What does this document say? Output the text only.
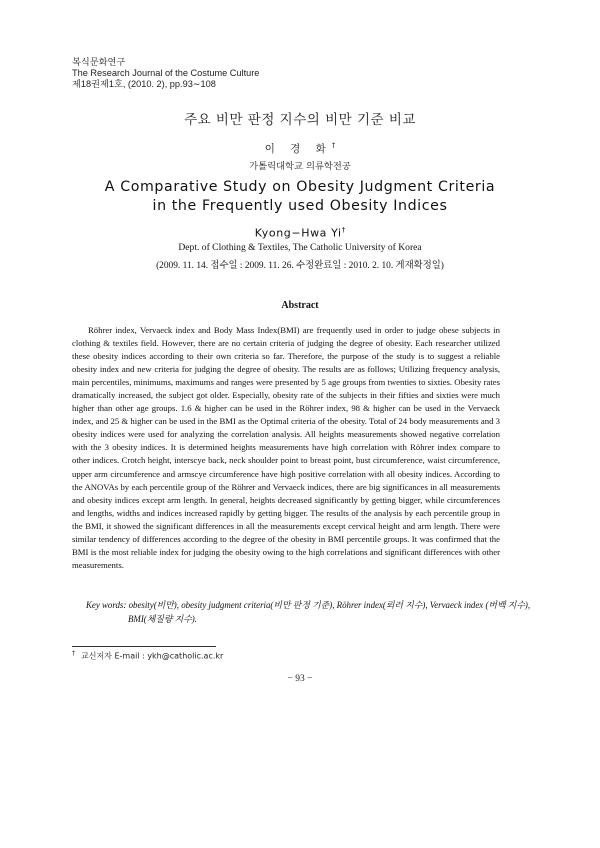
복식문화연구
The Research Journal of the Costume Culture
제18권제1호, (2010. 2), pp.93∼108
주요 비만 판정 지수의 비만 기준 비교
이 경 화†
가톨릭대학교 의류학전공
A Comparative Study on Obesity Judgment Criteria
in the Frequently used Obesity Indices
Kyong−Hwa Yi†
Dept. of Clothing & Textiles, The Catholic University of Korea
(2009. 11. 14. 접수일 : 2009. 11. 26. 수정완료일 : 2010. 2. 10. 게재확정일)
Abstract

Röhrer index, Vervaeck index and Body Mass Index(BMI) are frequently used in order to judge obese subjects in clothing & textiles field. However, there are no certain criteria of judging the degree of obesity. Each researcher utilized these obesity indices according to their own criteria so far. Therefore, the purpose of the study is to suggest a reliable obesity index and new criteria for judging the degree of obesity. The results are as follows; Utilizing frequency analysis, main percentiles, minimums, maximums and ranges were presented by 5 age groups from twenties to sixties. Obesity rates dramatically increased, the subject got older. Especially, obesity rate of the subjects in their fifties and sixties were much higher than other age groups. 1.6 & higher can be used in the Röhrer index, 98 & higher can be used in the Vervaeck index, and 25 & higher can be used in the BMI as the Optimal criteria of the obesity. Total of 24 body measurements and 3 obesity indices were used for analyzing the correlation analysis. All heights measurements showed negative correlation with the 3 obesity indices. It is determined heights measurements have high correlation with Röhrer index compare to other indices. Crotch height, interscye back, neck shoulder point to breast point, bust circumference, waist circumference, upper arm circumference and armscye circumference have high positive correlation with all obesity indices. According to the ANOVAs by each percentile group of the Röhrer and Vervaeck indices, there are big significances in all measurements and obesity indices except arm length. In general, heights decreased significantly by getting bigger, while circumferences and lengths, widths and indices increased rapidly by getting bigger. The results of the analysis by each percentile group in the BMI, it showed the significant differences in all the measurements except cervical height and arm length. There were similar tendency of differences according to the degree of the obesity in BMI percentile groups. It was confirmed that the BMI is the most reliable index for judging the obesity owing to the high correlations and significant differences with other measurements.

Key words: obesity(비만), obesity judgment criteria(비만 판정 기준), Röhrer index(뢰러 지수), Vervaeck index (버백 지수), BMI(체질량 지수).
† 교신저자 E-mail : ykh@catholic.ac.kr
− 93 −
